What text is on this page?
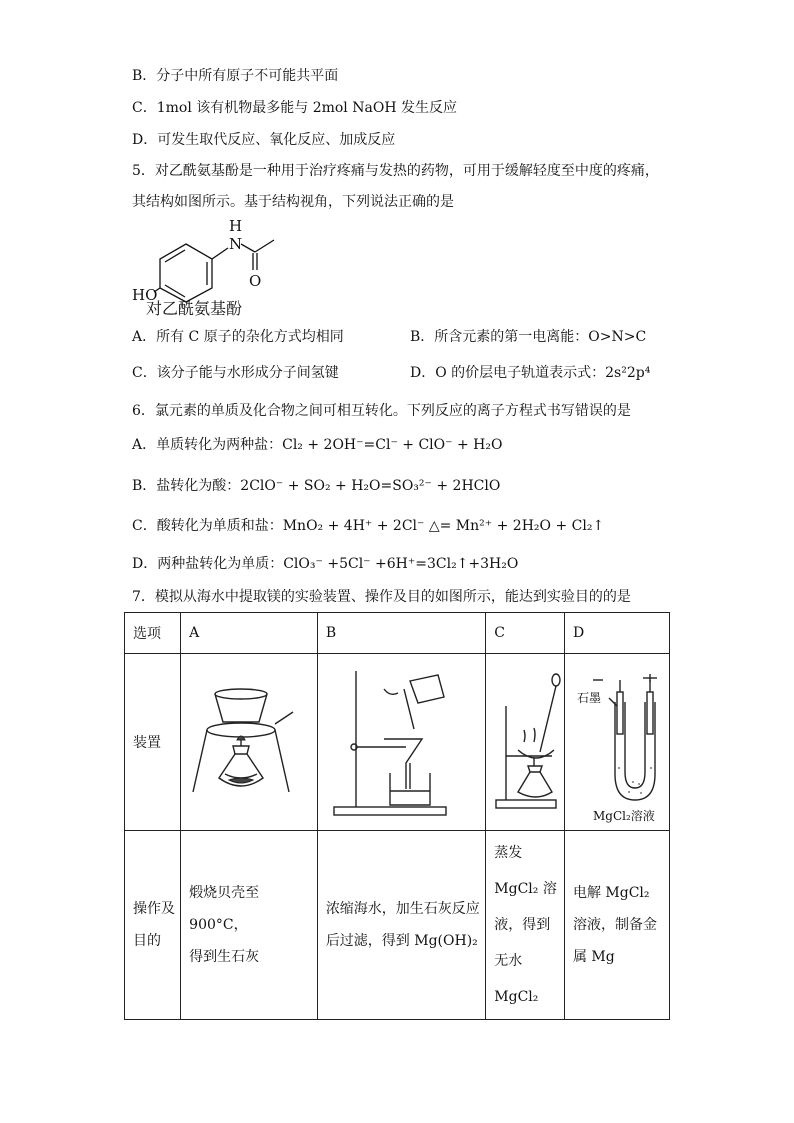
B．分子中所有原子不可能共平面
C．1mol 该有机物最多能与 2mol NaOH 发生反应
D．可发生取代反应、氧化反应、加成反应
5．对乙酰氨基酚是一种用于治疗疼痛与发热的药物，可用于缓解轻度至中度的疼痛，
其结构如图所示。基于结构视角，下列说法正确的是
H
N
O
HO
对乙酰氨基酚
A．所有 C 原子的杂化方式均相同	B．所含元素的第一电离能：O>N>C
C．该分子能与水形成分子间氢键	D．O 的价层电子轨道表示式：2s²2p⁴
6．氯元素的单质及化合物之间可相互转化。下列反应的离子方程式书写错误的是
A．单质转化为两种盐：Cl₂ + 2OH⁻=Cl⁻ + ClO⁻ + H₂O
B．盐转化为酸：2ClO⁻ + SO₂ + H₂O=SO₃²⁻ + 2HClO
C．酸转化为单质和盐：MnO₂ + 4H⁺ + 2Cl⁻ △= Mn²⁺ + 2H₂O + Cl₂↑
D．两种盐转化为单质：ClO₃⁻ +5Cl⁻ +6H⁺=3Cl₂↑+3H₂O
7．模拟从海水中提取镁的实验装置、操作及目的如图所示，能达到实验目的的是
选项	A	B	C	D
装置				石墨
MgCl₂溶液

操作及
目的	煅烧贝壳至 900°C，
得到生石灰	浓缩海水，加生石灰反应
后过滤，得到 Mg(OH)₂	蒸发
MgCl₂ 溶
液，得到
无水
MgCl₂	电解 MgCl₂
溶液，制备金
属 Mg
